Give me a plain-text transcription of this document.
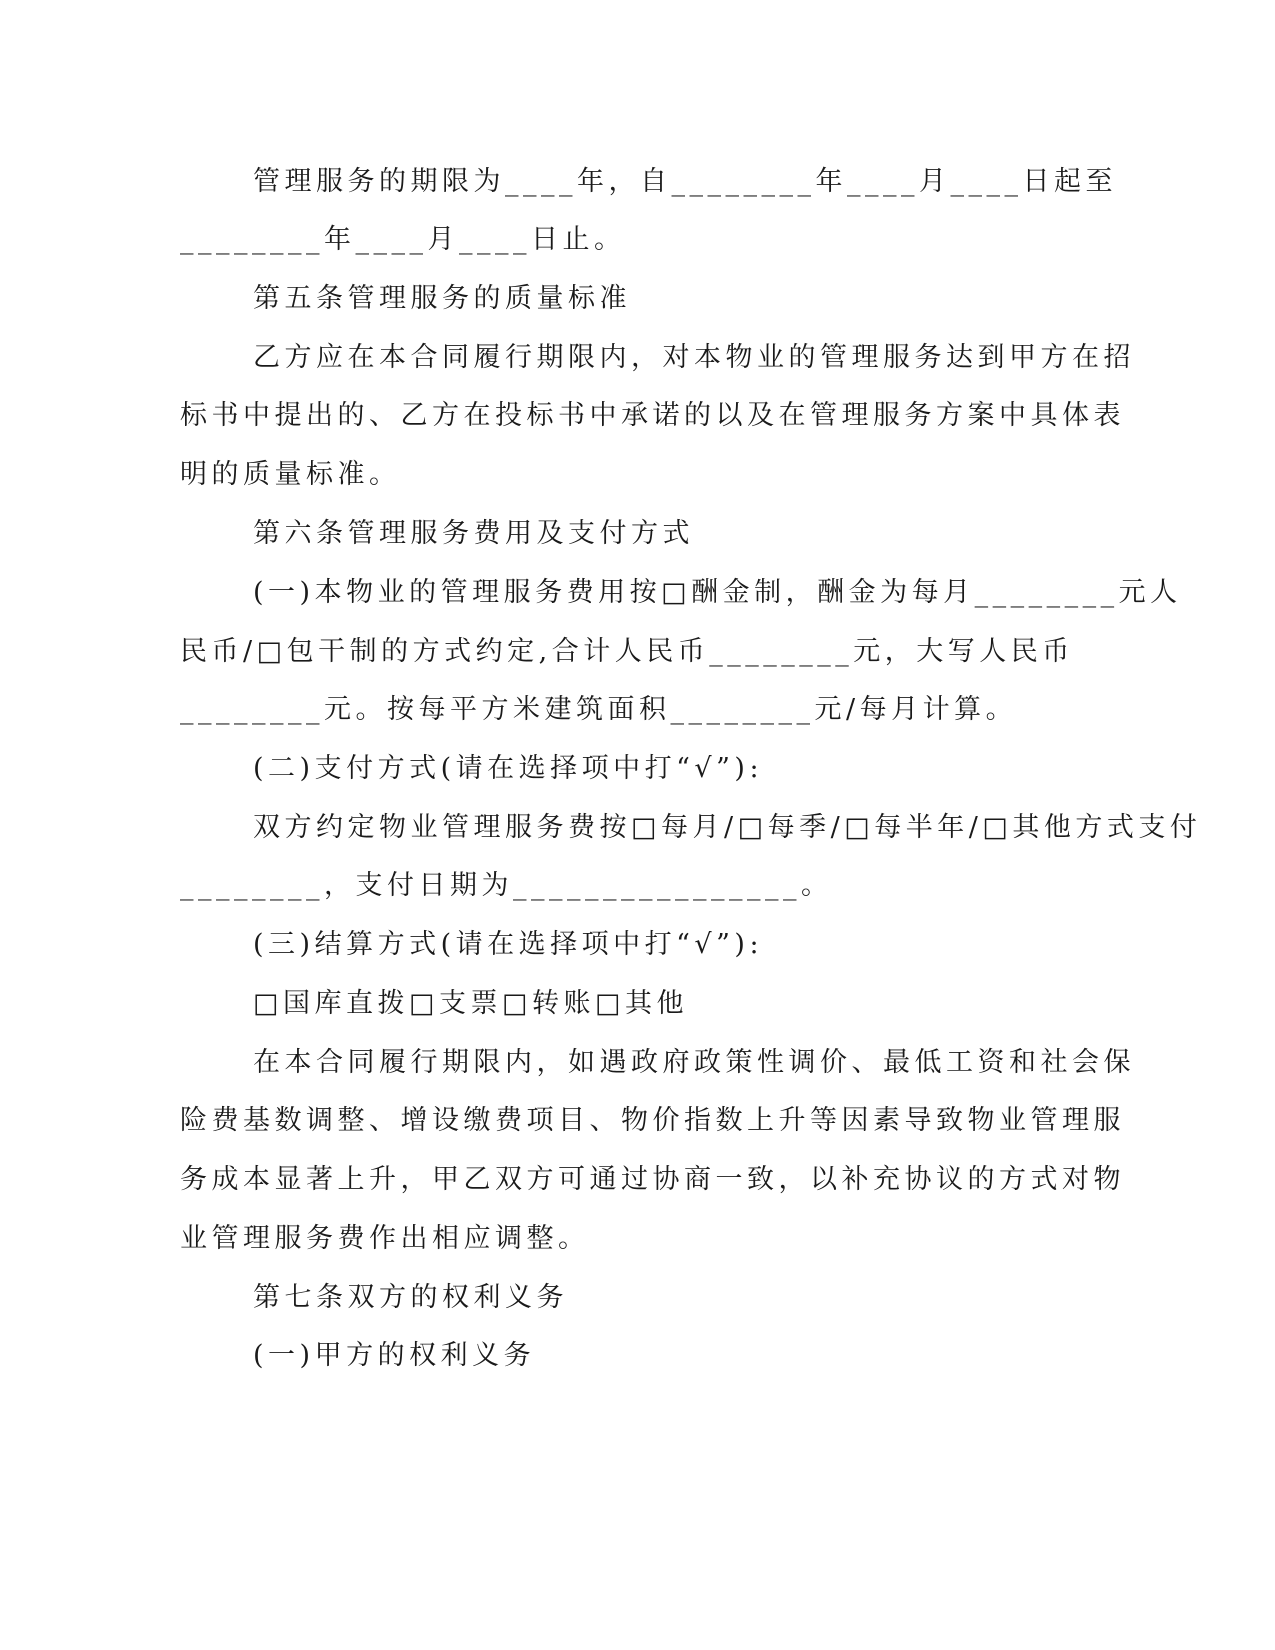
管理服务的期限为____年，自________年____月____日起至

________年____月____日止。

第五条管理服务的质量标准

乙方应在本合同履行期限内，对本物业的管理服务达到甲方在招

标书中提出的、乙方在投标书中承诺的以及在管理服务方案中具体表

明的质量标准。

第六条管理服务费用及支付方式

(一)本物业的管理服务费用按□酬金制，酬金为每月________元人

民币/□包干制的方式约定,合计人民币________元，大写人民币

________元。按每平方米建筑面积________元/每月计算。

(二)支付方式(请在选择项中打“√”):

双方约定物业管理服务费按□每月/□每季/□每半年/□其他方式支付

________，支付日期为________________。

(三)结算方式(请在选择项中打“√”):

□国库直拨□支票□转账□其他

在本合同履行期限内，如遇政府政策性调价、最低工资和社会保

险费基数调整、增设缴费项目、物价指数上升等因素导致物业管理服

务成本显著上升，甲乙双方可通过协商一致，以补充协议的方式对物

业管理服务费作出相应调整。

第七条双方的权利义务

(一)甲方的权利义务
